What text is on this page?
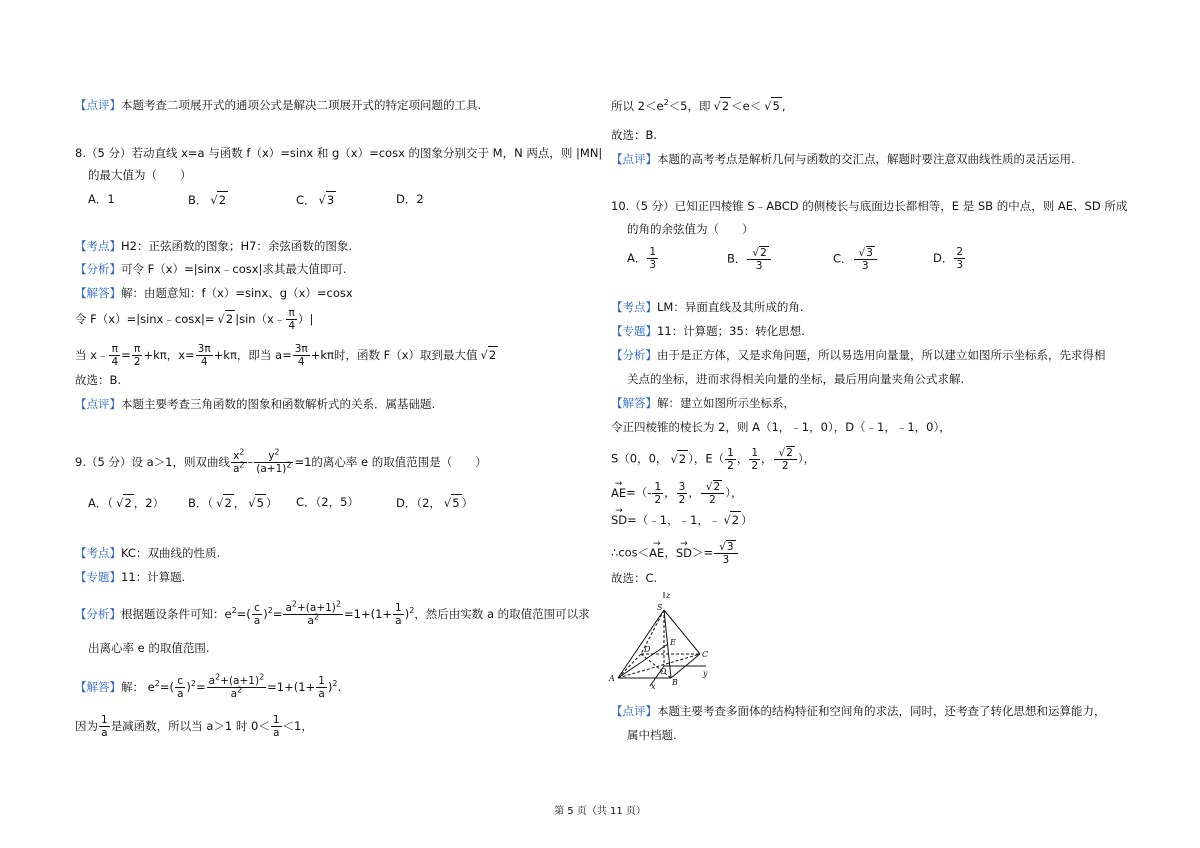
【点评】本题考查二项展开式的通项公式是解决二项展开式的特定项问题的工具.
8.（5 分）若动直线 x=a 与函数 f（x）=sinx 和 g（x）=cosx 的图象分别交于 M，N 两点，则 |MN|
的最大值为（　　）
A．1	B． √ 2	C． √ 3	D．2
【考点】H2：正弦函数的图象；H7：余弦函数的图象.
【分析】可令 F（x）=|sinx﹣cosx|求其最大值即可.
【解答】解：由题意知：f（x）=sinx、g（x）=cosx
令 F（x）=|sinx﹣cosx|= √ 2 |sin（x﹣ $\frac{\pi}{4}$ ）|
当 x﹣ $\frac{\pi}{4} = \frac{\pi}{2} +k\pi$，$x= \frac{3\pi}{4} +k\pi$，即当 $a= \frac{3\pi}{4} +k\pi$时，函数 F（x）取到最大值 √ 2
故选：B.
【点评】本题主要考查三角函数的图象和函数解析式的关系．属基础题.
9.（5 分）设 a＞1，则双曲线 $\frac{x^2}{a^2} - \frac{y^2}{(a+1)^2} =1$的离心率 e 的取值范围是（　　）
A．（ √ 2 ，2） B．（ √ 2 ， √ 5 ） C．（2，5）	D．（2， √ 5 ）
【考点】KC：双曲线的性质.
【专题】11：计算题.
【分析】根据题设条件可知：$e^2=( \frac{c}{a} )^2= \frac{a^2+(a+1)^2}{a^2} =1+(1+ \frac{1}{a} )^2$，然后由实数 a 的取值范围可以求
出离心率 e 的取值范围.
【解答】解： $e^2=( \frac{c}{a} )^2= \frac{a^2+(a+1)^2}{a^2} =1+(1+ \frac{1}{a} )^2$.
因为 $\frac{1}{a}$ 是减函数，所以当 a＞1 时 $0< \frac{1}{a} <1$，
所以 $2<e^2<5$，即 √ 2 ＜e＜ √ 5 ,
故选：B.
【点评】本题的高考考点是解析几何与函数的交汇点，解题时要注意双曲线性质的灵活运用.
10.（5 分）已知正四棱锥 S﹣ABCD 的侧棱长与底面边长都相等，E 是 SB 的中点，则 AE、SD 所成
的角的余弦值为（　　）
A． $\frac{1}{3}$	B． √ $\frac{2}{3}$	C． √ $\frac{3}{3}$	D． $\frac{2}{3}$
【考点】LM：异面直线及其所成的角.
【专题】11：计算题；35：转化思想.
【分析】由于是正方体，又是求角问题，所以易选用向量量，所以建立如图所示坐标系，先求得相
关点的坐标，进而求得相关向量的坐标，最后用向量夹角公式求解.
【解答】解：建立如图所示坐标系，
令正四棱锥的棱长为 2，则 A（1，﹣1，0），D（﹣1，﹣1，0），
S（0，0， √ 2 ），$E( \frac{1}{2}$ ， $\frac{1}{2}$ ， √ $\frac{2}{2}$ ），
→ $AE=(- \frac{1}{2}$ ， $\frac{3}{2}$ ， √ $\frac{2}{2}$ ），
→ SD=（﹣1，﹣1，﹣ √ 2 ）
∴cos＜→ AE，→ SD＞= √ $\frac{3}{3}$
故选：C.
S
z
E
D
C
O
A	B
x
y
【点评】本题主要考查多面体的结构特征和空间角的求法，同时，还考查了转化思想和运算能力，
属中档题.
第 5 页（共 11 页）
